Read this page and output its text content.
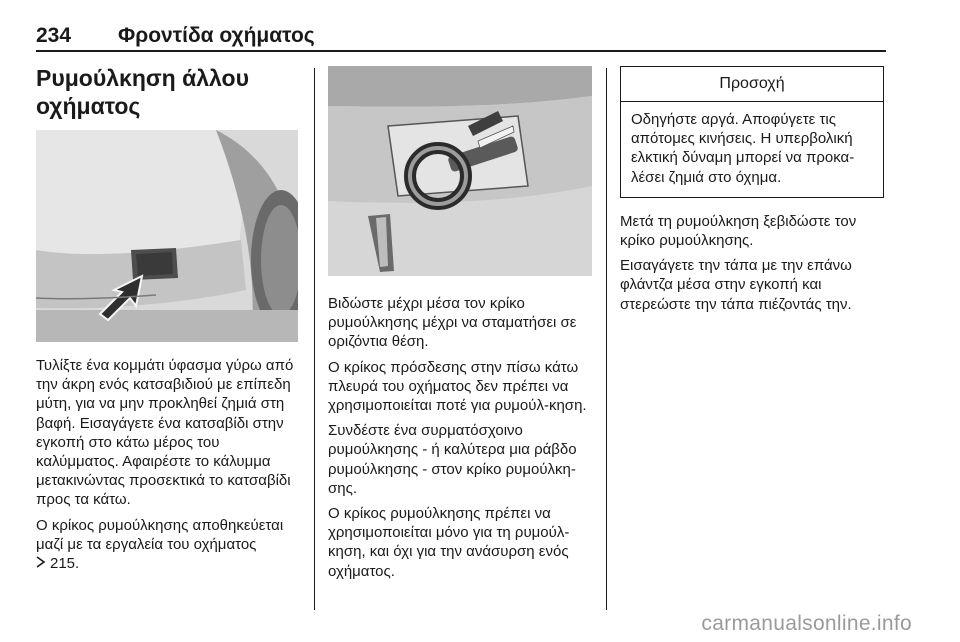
234 Φροντίδα οχήματος
Ρυμούλκηση άλλου
οχήματος

Τυλίξτε ένα κομμάτι ύφασμα γύρω από την άκρη ενός κατσαβιδιού με επίπεδη μύτη, για να μην προκληθεί ζημιά στη βαφή. Εισαγάγετε ένα κατσαβίδι στην εγκοπή στο κάτω μέρος του καλύμματος. Αφαιρέστε το κάλυμμα μετακινώντας προσεκτικά το κατσαβίδι προς τα κάτω.

Ο κρίκος ρυμούλκησης αποθηκεύεται μαζί με τα εργαλεία του οχήματος
215.

Βιδώστε μέχρι μέσα τον κρίκο ρυμούλκησης μέχρι να σταματήσει σε οριζόντια θέση.

Ο κρίκος πρόσδεσης στην πίσω κάτω πλευρά του οχήματος δεν πρέπει να χρησιμοποιείται ποτέ για ρυμούλ-κηση.

Συνδέστε ένα συρματόσχοινο ρυμούλκησης - ή καλύτερα μια ράβδο ρυμούλκησης - στον κρίκο ρυμούλκη-σης.

Ο κρίκος ρυμούλκησης πρέπει να χρησιμοποιείται μόνο για τη ρυμούλ-κηση, και όχι για την ανάσυρση ενός οχήματος.

Προσοχή
Οδηγήστε αργά. Αποφύγετε τις απότομες κινήσεις. Η υπερβολική ελκτική δύναμη μπορεί να προκα-λέσει ζημιά στο όχημα.

Μετά τη ρυμούλκηση ξεβιδώστε τον κρίκο ρυμούλκησης.

Εισαγάγετε την τάπα με την επάνω φλάντζα μέσα στην εγκοπή και στερεώστε την τάπα πιέζοντάς την.

carmanualsonline.info
